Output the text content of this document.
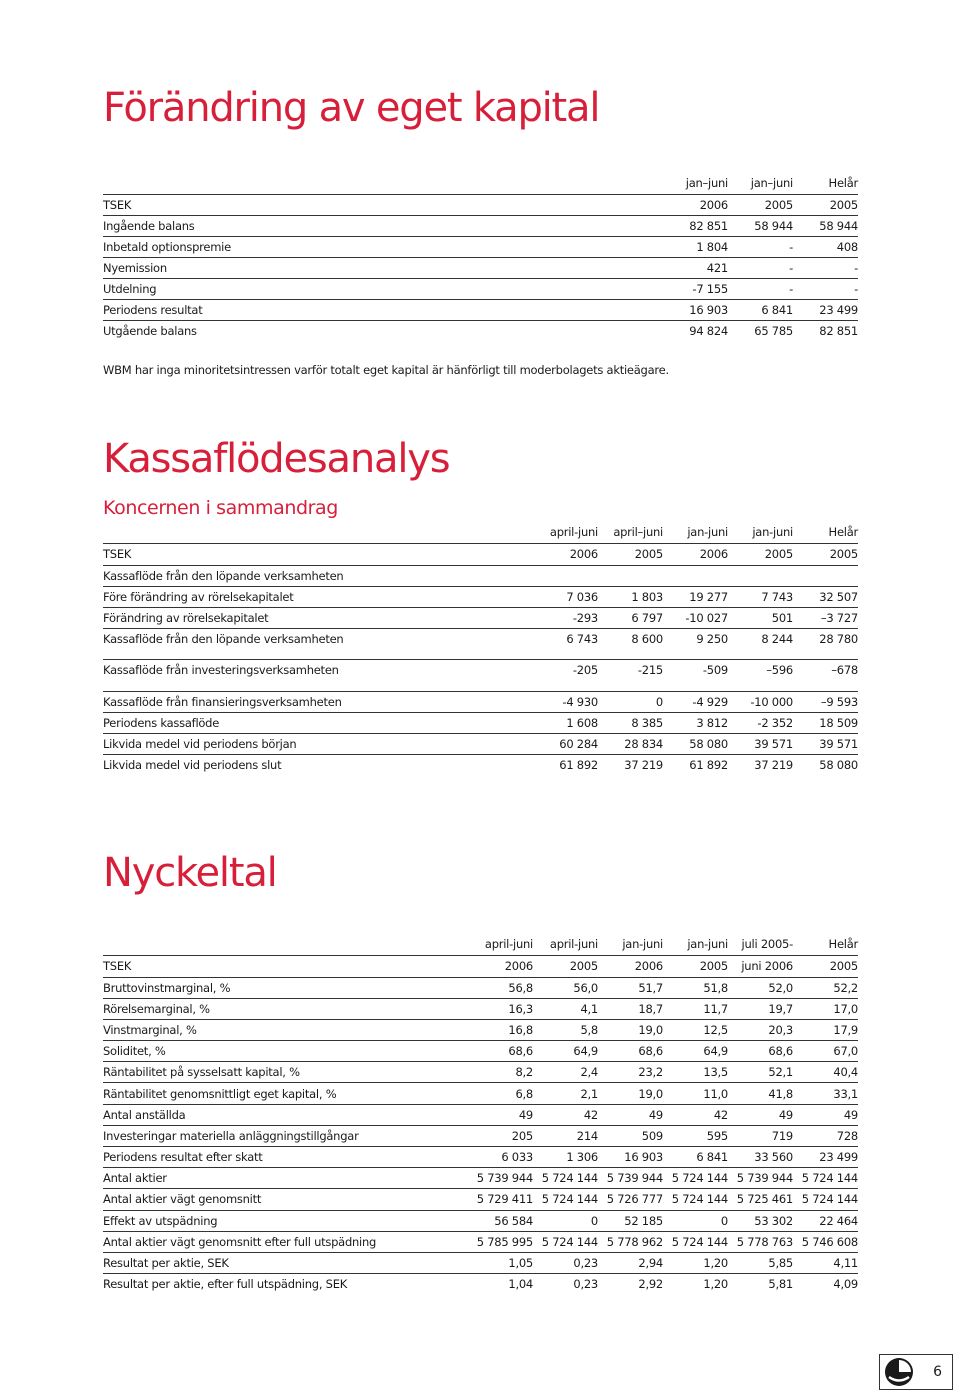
Förändring av eget kapital
	jan–juni	jan–juni	Helår
TSEK	2006	2005	2005
Ingående balans	82 851	58 944	58 944
Inbetald optionspremie	1 804	-	408
Nyemission	421	-	-
Utdelning	-7 155	-	-
Periodens resultat	16 903	6 841	23 499
Utgående balans	94 824	65 785	82 851

WBM har inga minoritetsintressen varför totalt eget kapital är hänförligt till moderbolagets aktieägare.

Kassaflödesanalys
Koncernen i sammandrag
	april-juni	april–juni	jan-juni	jan-juni	Helår
TSEK	2006	2005	2006	2005	2005
Kassaflöde från den löpande verksamheten					
Före förändring av rörelsekapitalet	7 036	1 803	19 277	7 743	32 507
Förändring av rörelsekapitalet	-293	6 797	-10 027	501	–3 727
Kassaflöde från den löpande verksamheten	6 743	8 600	9 250	8 244	28 780

Kassaflöde från investeringsverksamheten	-205	-215	-509	–596	–678

Kassaflöde från finansieringsverksamheten	-4 930	0	-4 929	-10 000	–9 593
Periodens kassaflöde	1 608	8 385	3 812	-2 352	18 509
Likvida medel vid periodens början	60 284	28 834	58 080	39 571	39 571
Likvida medel vid periodens slut	61 892	37 219	61 892	37 219	58 080
Nyckeltal
	april-juni	april-juni	jan-juni	jan-juni	juli 2005-	Helår
TSEK	2006	2005	2006	2005	juni 2006	2005
Bruttovinstmarginal, %	56,8	56,0	51,7	51,8	52,0	52,2
Rörelsemarginal, %	16,3	4,1	18,7	11,7	19,7	17,0
Vinstmarginal, %	16,8	5,8	19,0	12,5	20,3	17,9
Soliditet, %	68,6	64,9	68,6	64,9	68,6	67,0
Räntabilitet på sysselsatt kapital, %	8,2	2,4	23,2	13,5	52,1	40,4
Räntabilitet genomsnittligt eget kapital, %	6,8	2,1	19,0	11,0	41,8	33,1
Antal anställda	49	42	49	42	49	49
Investeringar materiella anläggningstillgångar	205	214	509	595	719	728
Periodens resultat efter skatt	6 033	1 306	16 903	6 841	33 560	23 499
Antal aktier	5 739 944	5 724 144	5 739 944	5 724 144	5 739 944	5 724 144
Antal aktier vägt genomsnitt	5 729 411	5 724 144	5 726 777	5 724 144	5 725 461	5 724 144
Effekt av utspädning	56 584	0	52 185	0	53 302	22 464
Antal aktier vägt genomsnitt efter full utspädning	5 785 995	5 724 144	5 778 962	5 724 144	5 778 763	5 746 608
Resultat per aktie, SEK	1,05	0,23	2,94	1,20	5,85	4,11
Resultat per aktie, efter full utspädning, SEK	1,04	0,23	2,92	1,20	5,81	4,09
6
